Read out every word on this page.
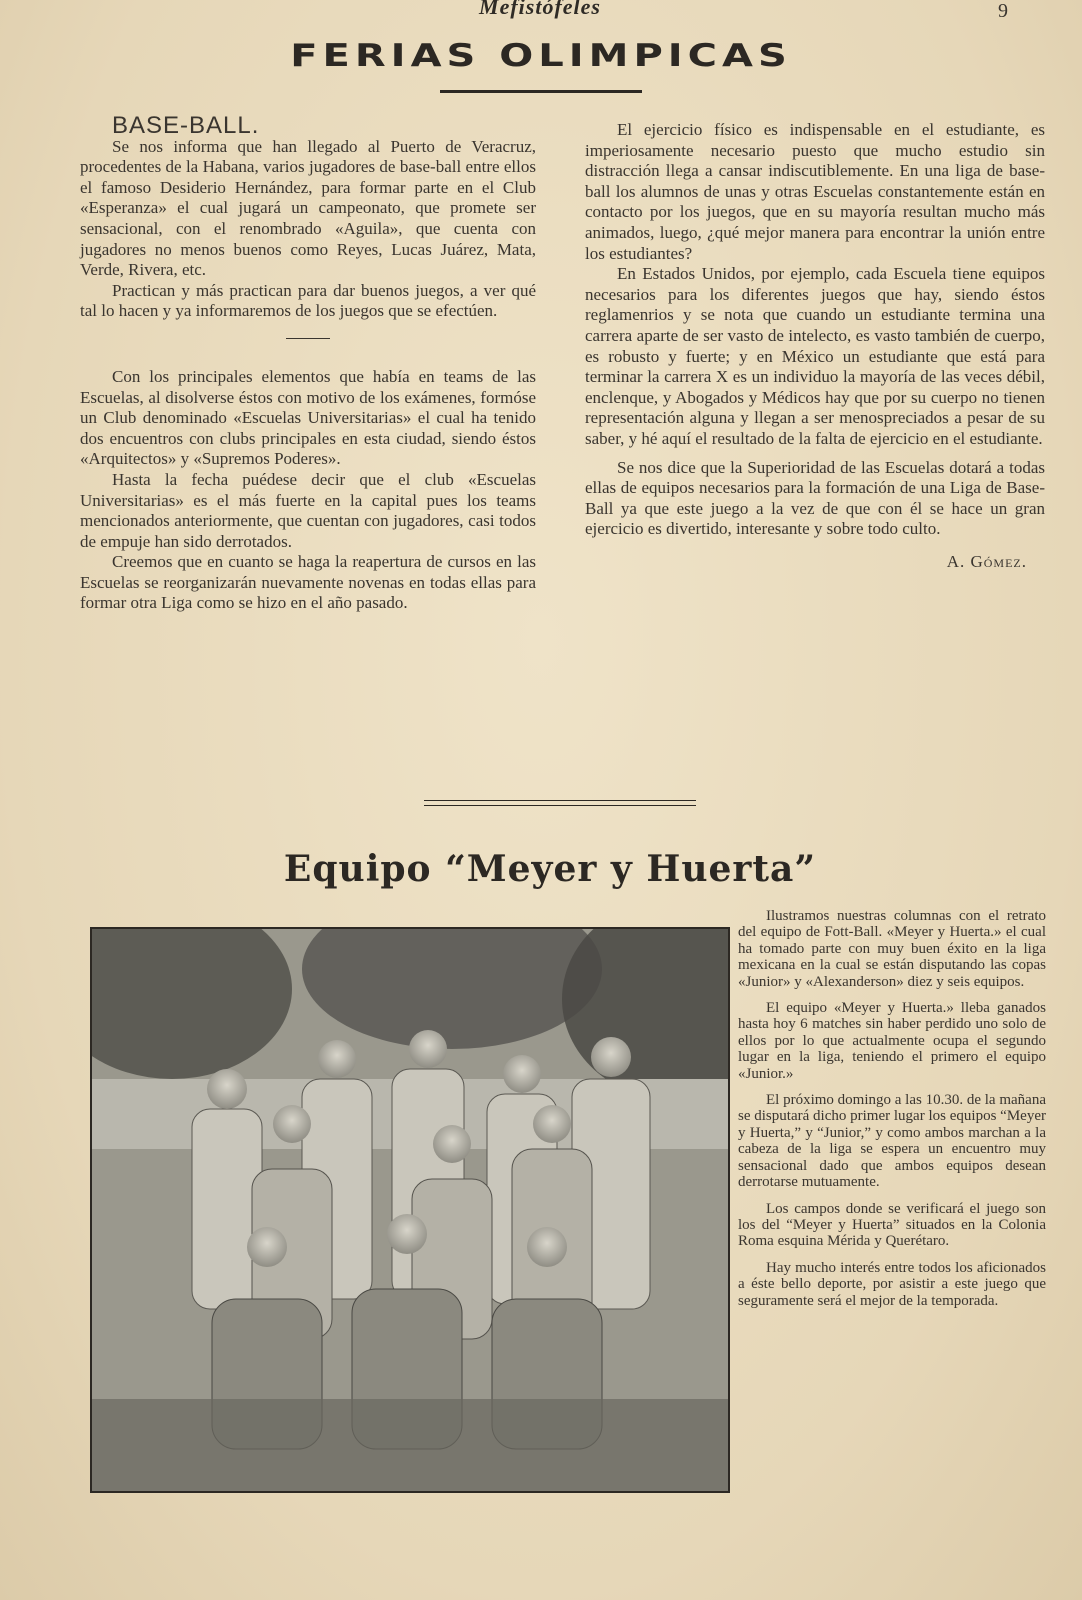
Mefistófeles	9
FERIAS OLIMPICAS

BASE-BALL.

Se nos informa que han llegado al Puerto de Veracruz, procedentes de la Habana, varios jugadores de base-ball entre ellos el famoso Desiderio Hernández, para formar parte en el Club «Esperanza» el cual jugará un campeonato, que promete ser sensacional, con el renombrado «Aguila», que cuenta con jugadores no menos buenos como Reyes, Lucas Juárez, Mata, Verde, Rivera, etc.

Practican y más practican para dar buenos juegos, a ver qué tal lo hacen y ya informaremos de los juegos que se efectúen.

Con los principales elementos que había en teams de las Escuelas, al disolverse éstos con motivo de los exámenes, formóse un Club denominado «Escuelas Universitarias» el cual ha tenido dos encuentros con clubs principales en esta ciudad, siendo éstos «Arquitectos» y «Supremos Poderes».

Hasta la fecha puédese decir que el club «Escuelas Universitarias» es el más fuerte en la capital pues los teams mencionados anteriormente, que cuentan con jugadores, casi todos de empuje han sido derrotados.

Creemos que en cuanto se haga la reapertura de cursos en las Escuelas se reorganizarán nuevamente novenas en todas ellas para formar otra Liga como se hizo en el año pasado.

El ejercicio físico es indispensable en el estudiante, es imperiosamente necesario puesto que mucho estudio sin distracción llega a cansar indiscutiblemente. En una liga de base-ball los alumnos de unas y otras Escuelas constantemente están en contacto por los juegos, que en su mayoría resultan mucho más animados, luego, ¿qué mejor manera para encontrar la unión entre los estudiantes?

En Estados Unidos, por ejemplo, cada Escuela tiene equipos necesarios para los diferentes juegos que hay, siendo éstos reglamenrios y se nota que cuando un estudiante termina una carrera aparte de ser vasto de intelecto, es vasto también de cuerpo, es robusto y fuerte; y en México un estudiante que está para terminar la carrera X es un individuo la mayoría de las veces débil, enclenque, y Abogados y Médicos hay que por su cuerpo no tienen representación alguna y llegan a ser menospreciados a pesar de su saber, y hé aquí el resultado de la falta de ejercicio en el estudiante.

Se nos dice que la Superioridad de las Escuelas dotará a todas ellas de equipos necesarios para la formación de una Liga de Base-Ball ya que este juego a la vez de que con él se hace un gran ejercicio es divertido, interesante y sobre todo culto.

A. Gómez.
Equipo “Meyer y Huerta”

Ilustramos nuestras columnas con el retrato del equipo de Fott-Ball. «Meyer y Huerta.» el cual ha tomado parte con muy buen éxito en la liga mexicana en la cual se están disputando las copas «Junior» y «Alexanderson» diez y seis equipos.

El equipo «Meyer y Huerta.» lleba ganados hasta hoy 6 matches sin haber perdido uno solo de ellos por lo que actualmente ocupa el segundo lugar en la liga, teniendo el primero el equipo «Junior.»

El próximo domingo a las 10.30. de la mañana se disputará dicho primer lugar los equipos “Meyer y Huerta,” y “Junior,” y como ambos marchan a la cabeza de la liga se espera un encuentro muy sensacional dado que ambos equipos desean derrotarse mutuamente.

Los campos donde se verificará el juego son los del “Meyer y Huerta” situados en la Colonia Roma esquina Mérida y Querétaro.

Hay mucho interés entre todos los aficionados a éste bello deporte, por asistir a este juego que seguramente será el mejor de la temporada.
